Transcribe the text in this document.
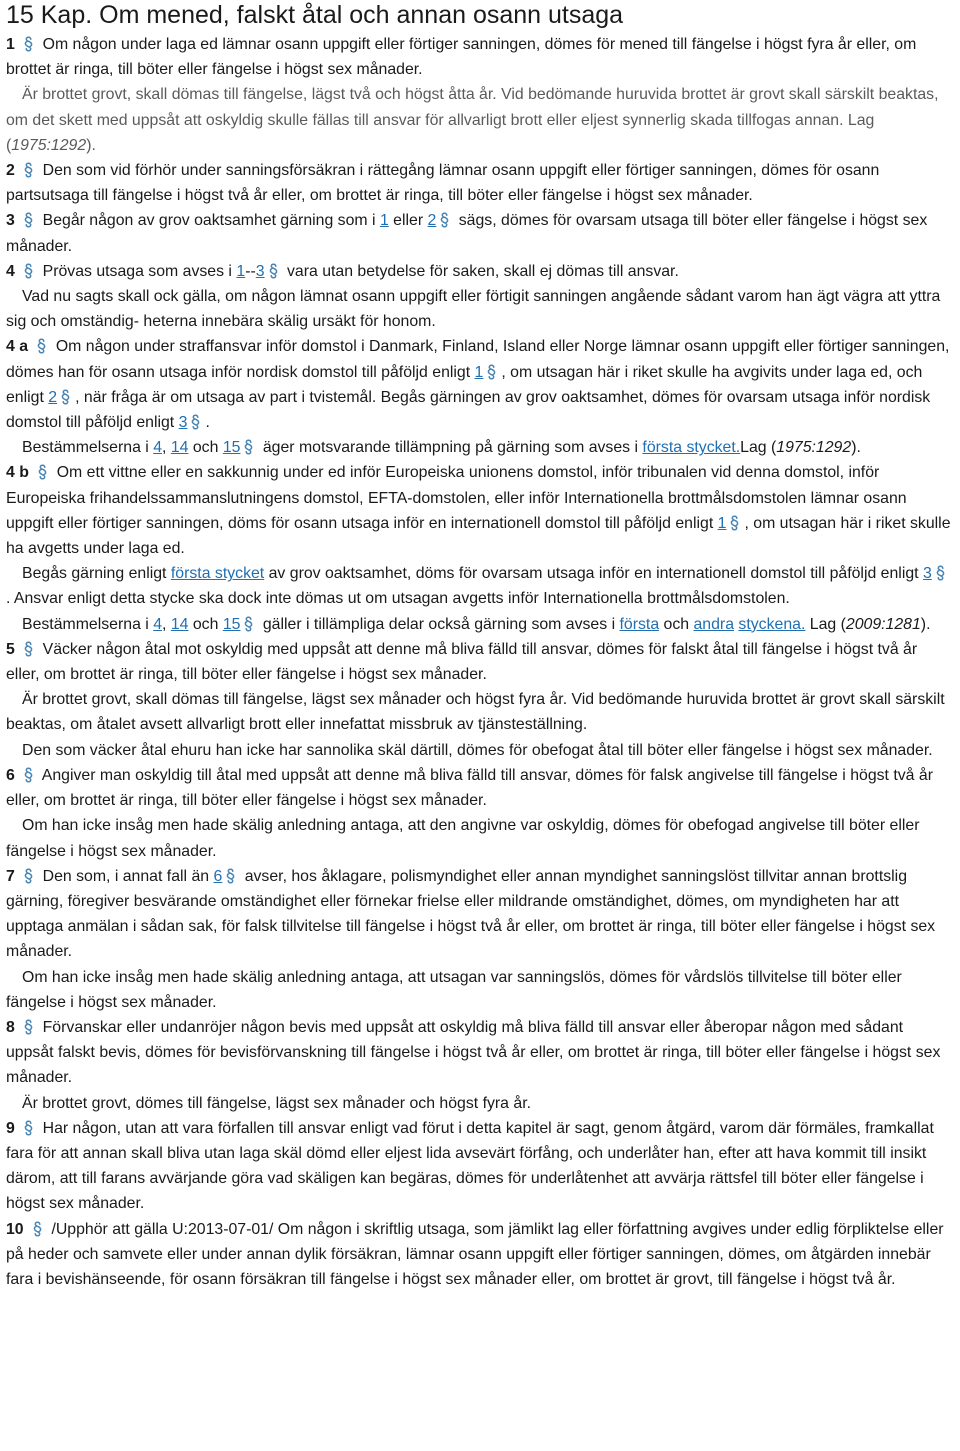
15 Kap. Om mened, falskt åtal och annan osann utsaga
1 Om någon under laga ed lämnar osann uppgift eller förtiger sanningen, dömes för mened till fängelse i högst fyra år eller, om brottet är ringa, till böter eller fängelse i högst sex månader.
Är brottet grovt, skall dömas till fängelse, lägst två och högst åtta år. Vid bedömande huruvida brottet är grovt skall särskilt beaktas, om det skett med uppsåt att oskyldig skulle fällas till ansvar för allvarligt brott eller eljest synnerlig skada tillfogas annan. Lag (1975:1292).
2 Den som vid förhör under sanningsförsäkran i rättegång lämnar osann uppgift eller förtiger sanningen, dömes för osann partsutsaga till fängelse i högst två år eller, om brottet är ringa, till böter eller fängelse i högst sex månader.
3 Begår någon av grov oaktsamhet gärning som i 1 eller 2 sägs, dömes för ovarsam utsaga till böter eller fängelse i högst sex månader.
4 Prövas utsaga som avses i 1--3 vara utan betydelse för saken, skall ej dömas till ansvar.
Vad nu sagts skall ock gälla, om någon lämnat osann uppgift eller förtigit sanningen angående sådant varom han ägt vägra att yttra sig och omständig- heterna innebära skälig ursäkt för honom.
4 a Om någon under straffansvar inför domstol i Danmark, Finland, Island eller Norge lämnar osann uppgift eller förtiger sanningen, dömes han för osann utsaga inför nordisk domstol till påföljd enligt 1 , om utsagan här i riket skulle ha avgivits under laga ed, och enligt 2 , när fråga är om utsaga av part i tvistemål. Begås gärningen av grov oaktsamhet, dömes för ovarsam utsaga inför nordisk domstol till påföljd enligt 3 .
Bestämmelserna i 4, 14 och 15 äger motsvarande tillämpning på gärning som avses i första stycket.Lag (1975:1292).
4 b Om ett vittne eller en sakkunnig under ed inför Europeiska unionens domstol, inför tribunalen vid denna domstol, inför Europeiska frihandelssammanslutningens domstol, EFTA-domstolen, eller inför Internationella brottmålsdomstolen lämnar osann uppgift eller förtiger sanningen, döms för osann utsaga inför en internationell domstol till påföljd enligt 1 , om utsagan här i riket skulle ha avgetts under laga ed.
Begås gärning enligt första stycket av grov oaktsamhet, döms för ovarsam utsaga inför en internationell domstol till påföljd enligt 3. Ansvar enligt detta stycke ska dock inte dömas ut om utsagan avgetts inför Internationella brottmålsdomstolen.
Bestämmelserna i 4, 14 och 15 gäller i tillämpliga delar också gärning som avses i första och andra styckena. Lag (2009:1281).
5 Väcker någon åtal mot oskyldig med uppsåt att denne må bliva fälld till ansvar, dömes för falskt åtal till fängelse i högst två år eller, om brottet är ringa, till böter eller fängelse i högst sex månader.
Är brottet grovt, skall dömas till fängelse, lägst sex månader och högst fyra år. Vid bedömande huruvida brottet är grovt skall särskilt beaktas, om åtalet avsett allvarligt brott eller innefattat missbruk av tjänsteställning.
Den som väcker åtal ehuru han icke har sannolika skäl därtill, dömes för obefogat åtal till böter eller fängelse i högst sex månader.
6 Angiver man oskyldig till åtal med uppsåt att denne må bliva fälld till ansvar, dömes för falsk angivelse till fängelse i högst två år eller, om brottet är ringa, till böter eller fängelse i högst sex månader.
Om han icke insåg men hade skälig anledning antaga, att den angivne var oskyldig, dömes för obefogad angivelse till böter eller fängelse i högst sex månader.
7 Den som, i annat fall än 6 avser, hos åklagare, polismyndighet eller annan myndighet sanningslöst tillvitar annan brottslig gärning, föregiver besvärande omständighet eller förnekar frielse eller mildrande omständighet, dömes, om myndigheten har att upptaga anmälan i sådan sak, för falsk tillvitelse till fängelse i högst två år eller, om brottet är ringa, till böter eller fängelse i högst sex månader.
Om han icke insåg men hade skälig anledning antaga, att utsagan var sanningslös, dömes för vårdslös tillvitelse till böter eller fängelse i högst sex månader.
8 Förvanskar eller undanröjer någon bevis med uppsåt att oskyldig må bliva fälld till ansvar eller åberopar någon med sådant uppsåt falskt bevis, dömes för bevisförvanskning till fängelse i högst två år eller, om brottet är ringa, till böter eller fängelse i högst sex månader.
Är brottet grovt, dömes till fängelse, lägst sex månader och högst fyra år.
9 Har någon, utan att vara förfallen till ansvar enligt vad förut i detta kapitel är sagt, genom åtgärd, varom där förmäles, framkallat fara för att annan skall bliva utan laga skäl dömd eller eljest lida avsevärt förfång, och underlåter han, efter att hava kommit till insikt därom, att till farans avvärjande göra vad skäligen kan begäras, dömes för underlåtenhet att avvärja rättsfel till böter eller fängelse i högst sex månader.
10 /Upphör att gälla U:2013-07-01/ Om någon i skriftlig utsaga, som jämlikt lag eller författning avgives under edlig förpliktelse eller på heder och samvete eller under annan dylik försäkran, lämnar osann uppgift eller förtiger sanningen, dömes, om åtgärden innebär fara i bevishänseende, för osann försäkran till fängelse i högst sex månader eller, om brottet är grovt, till fängelse i högst två år.
